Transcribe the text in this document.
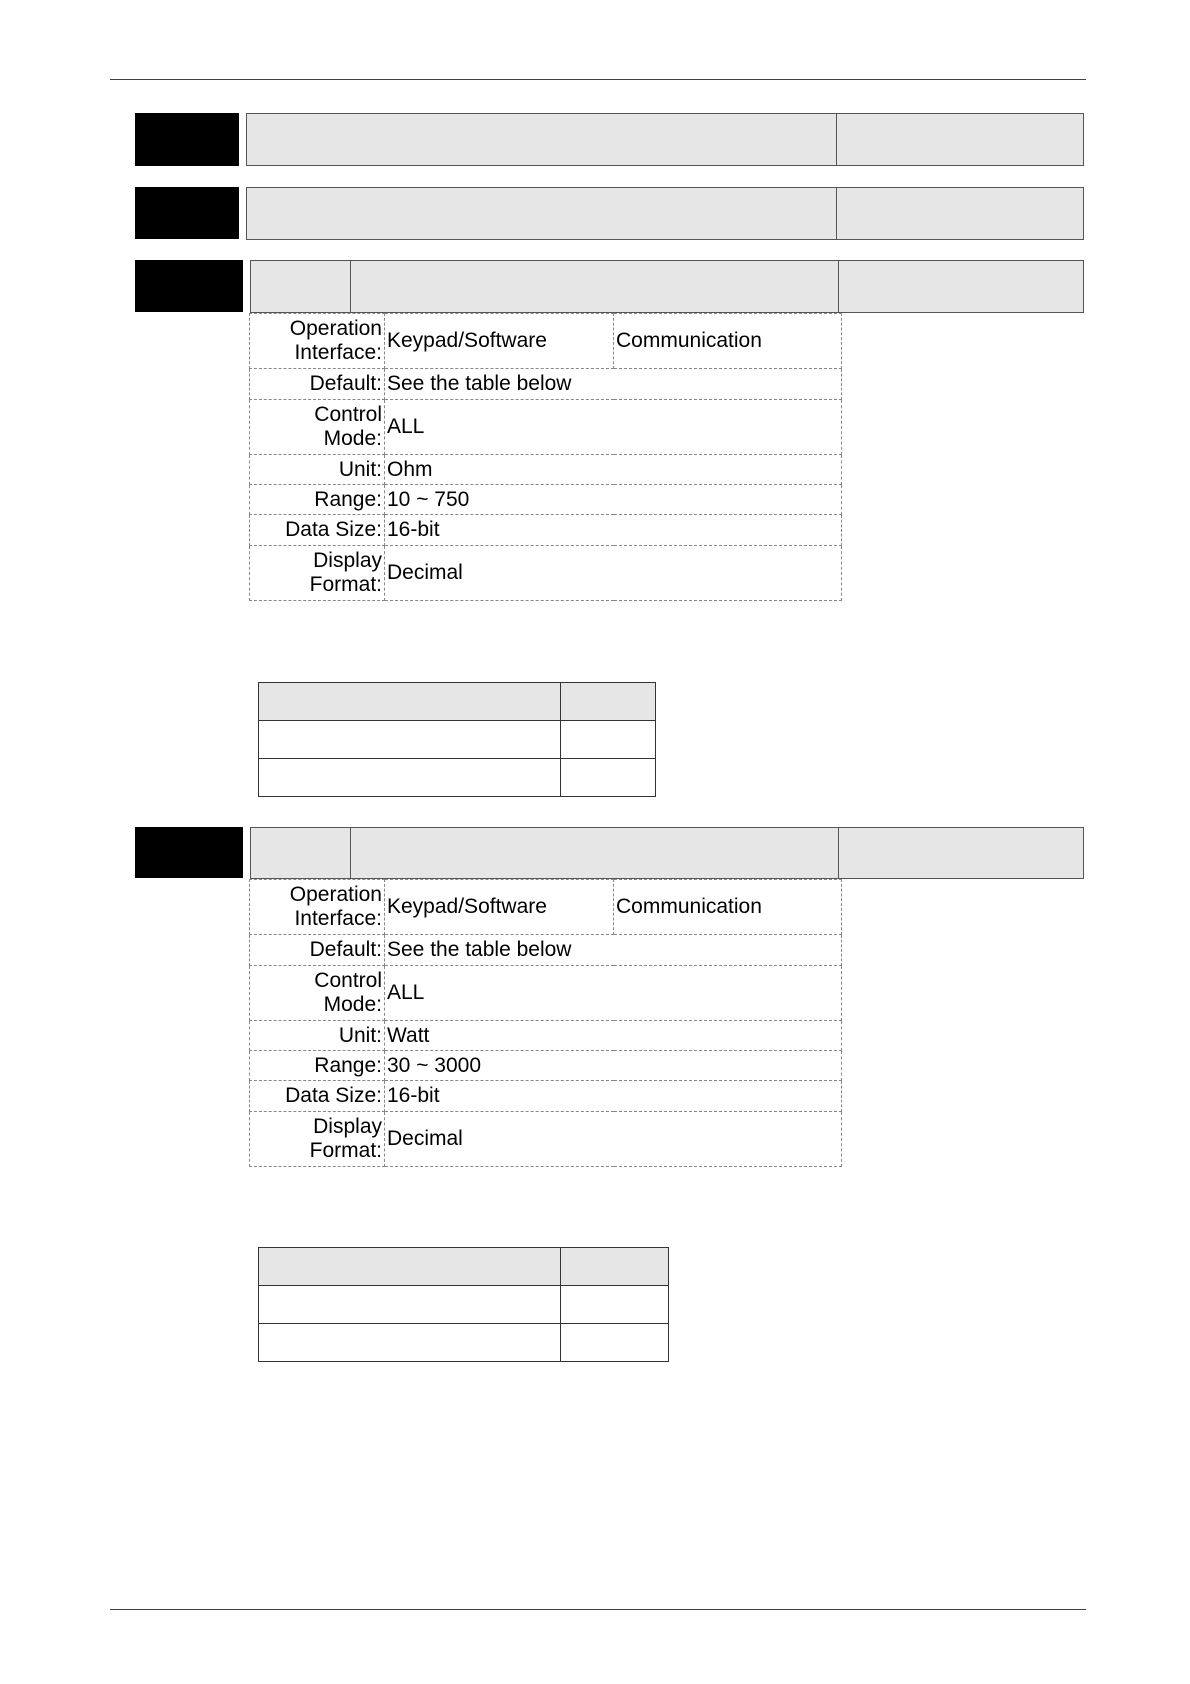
Operation Interface:	Keypad/Software	Communication
Default:	See the table below	
Control Mode:	ALL	
Unit:	Ohm	
Range:	10 ~ 750	
Data Size:	16-bit	
Display Format:	Decimal	

Operation Interface:	Keypad/Software	Communication
Default:	See the table below	
Control Mode:	ALL	
Unit:	Watt	
Range:	30 ~ 3000	
Data Size:	16-bit	
Display Format:	Decimal	
